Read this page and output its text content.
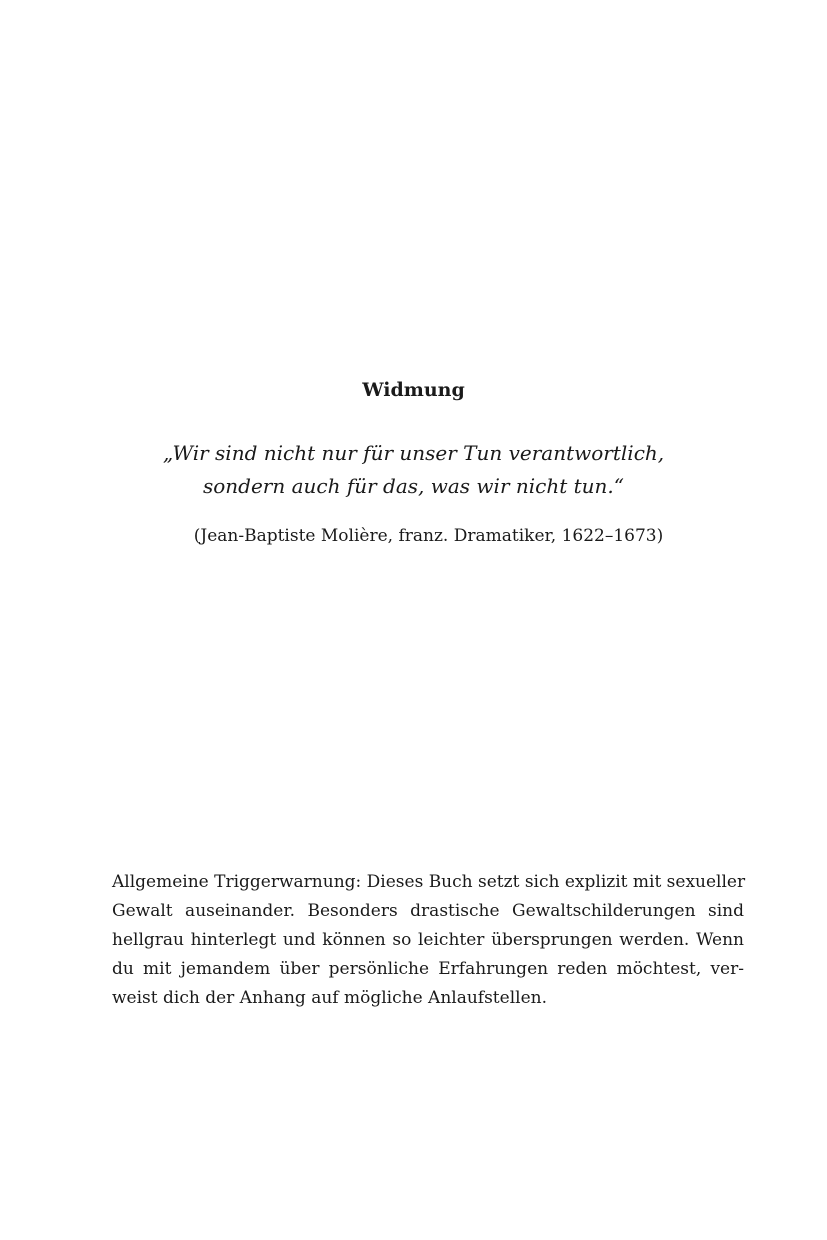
Widmung

„Wir sind nicht nur für unser Tun verantwortlich,
sondern auch für das, was wir nicht tun.“

(Jean-Baptiste Molière, franz. Dramatiker, 1622–1673)

Allgemeine Triggerwarnung: Dieses Buch setzt sich explizit mit sexueller
Gewalt auseinander. Besonders drastische Gewaltschilderungen sind
hellgrau hinterlegt und können so leichter übersprungen werden. Wenn
du mit jemandem über persönliche Erfahrungen reden möchtest, ver-
weist dich der Anhang auf mögliche Anlaufstellen.
